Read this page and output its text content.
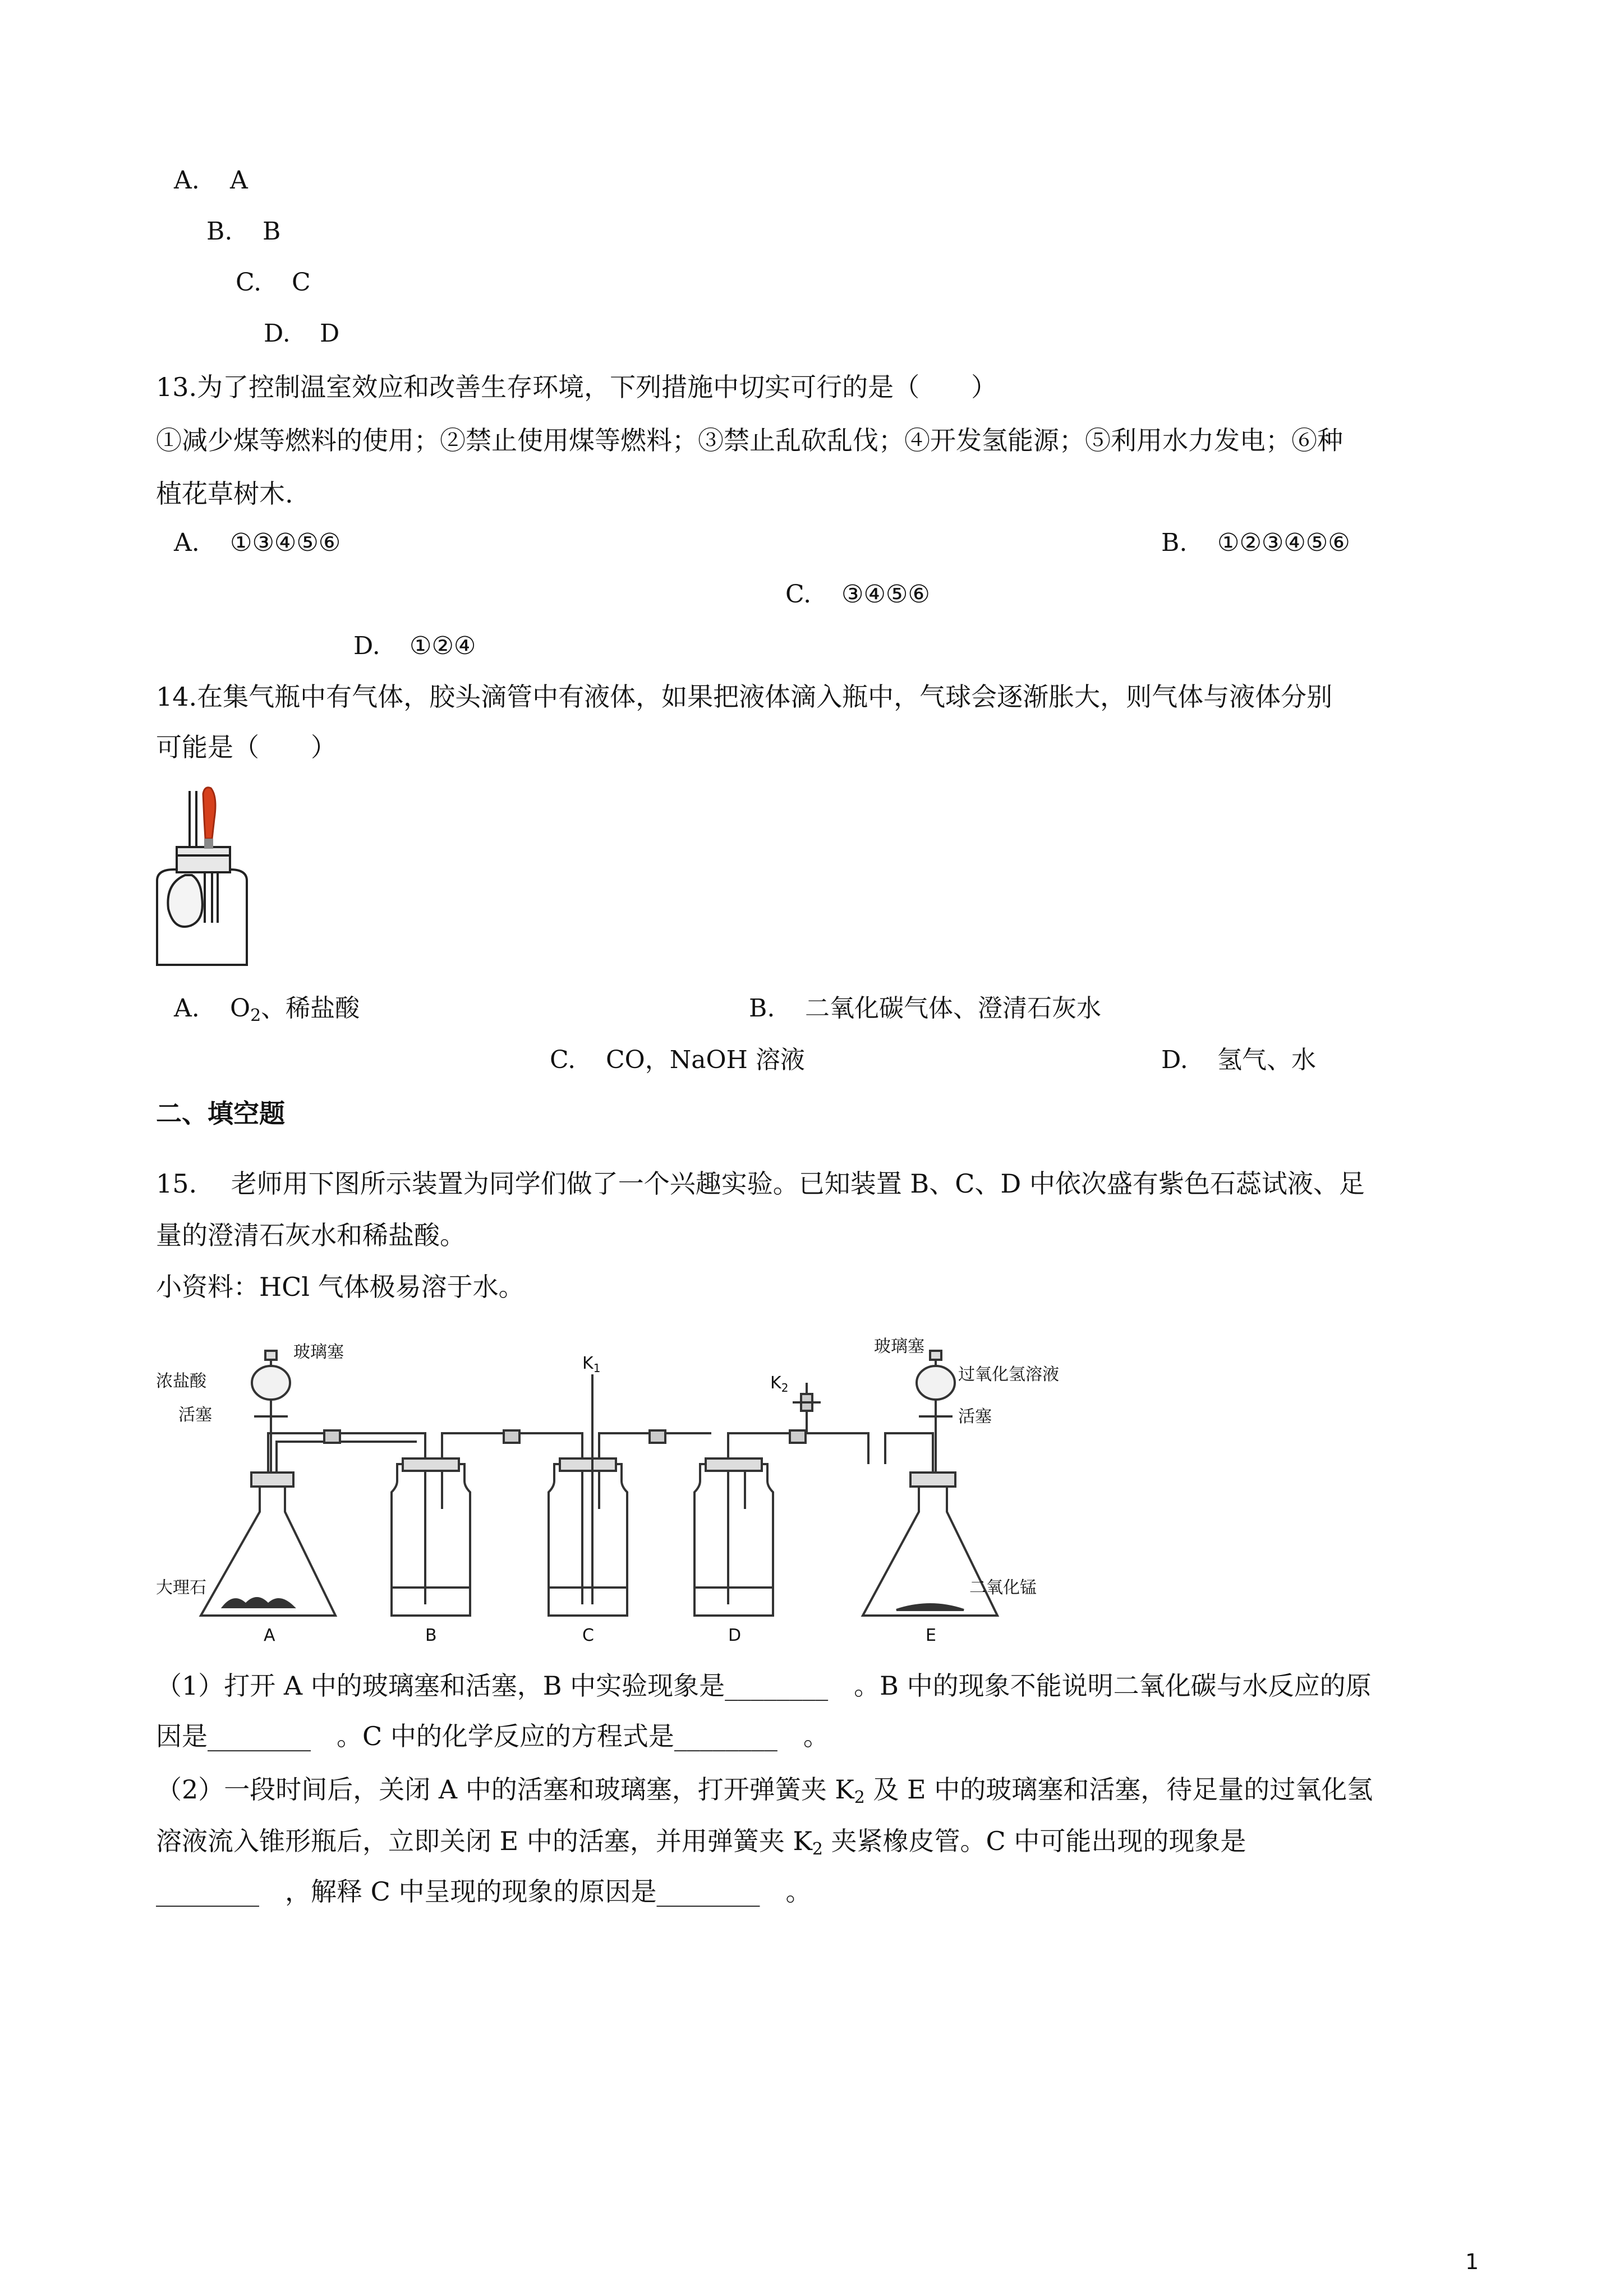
A. A
B. B
C. C
D. D
13.为了控制温室效应和改善生存环境，下列措施中切实可行的是（　　）
①减少煤等燃料的使用；②禁止使用煤等燃料；③禁止乱砍乱伐；④开发氢能源；⑤利用水力发电；⑥种
植花草树木.
A. ①③④⑤⑥	B. ①②③④⑤⑥
C. ③④⑤⑥
D. ①②④
14.在集气瓶中有气体，胶头滴管中有液体，如果把液体滴入瓶中，气球会逐渐胀大，则气体与液体分别
可能是（　　）
A. $O_2$、稀盐酸	B. 二氧化碳气体、澄清石灰水
C. CO，NaOH 溶液	D. 氢气、水
二、填空题
15.　 老师用下图所示装置为同学们做了一个兴趣实验。已知装置 B、C、D 中依次盛有紫色石蕊试液、足
量的澄清石灰水和稀盐酸。
小资料：HCl 气体极易溶于水。
玻璃塞
浓盐酸
活塞
大理石
玻璃塞
过氧化氢溶液
活塞
二氧化锰
$K_1$
$K_2$
A	B	C	D	E
（1）打开 A 中的玻璃塞和活塞，B 中实验现象是________　。B 中的现象不能说明二氧化碳与水反应的原
因是________　。C 中的化学反应的方程式是________　。
（2）一段时间后，关闭 A 中的活塞和玻璃塞，打开弹簧夹 $K_2$ 及 E 中的玻璃塞和活塞，待足量的过氧化氢
溶液流入锥形瓶后，立即关闭 E 中的活塞，并用弹簧夹 $K_2$ 夹紧橡皮管。C 中可能出现的现象是
________　，解释 C 中呈现的现象的原因是________　。
1
